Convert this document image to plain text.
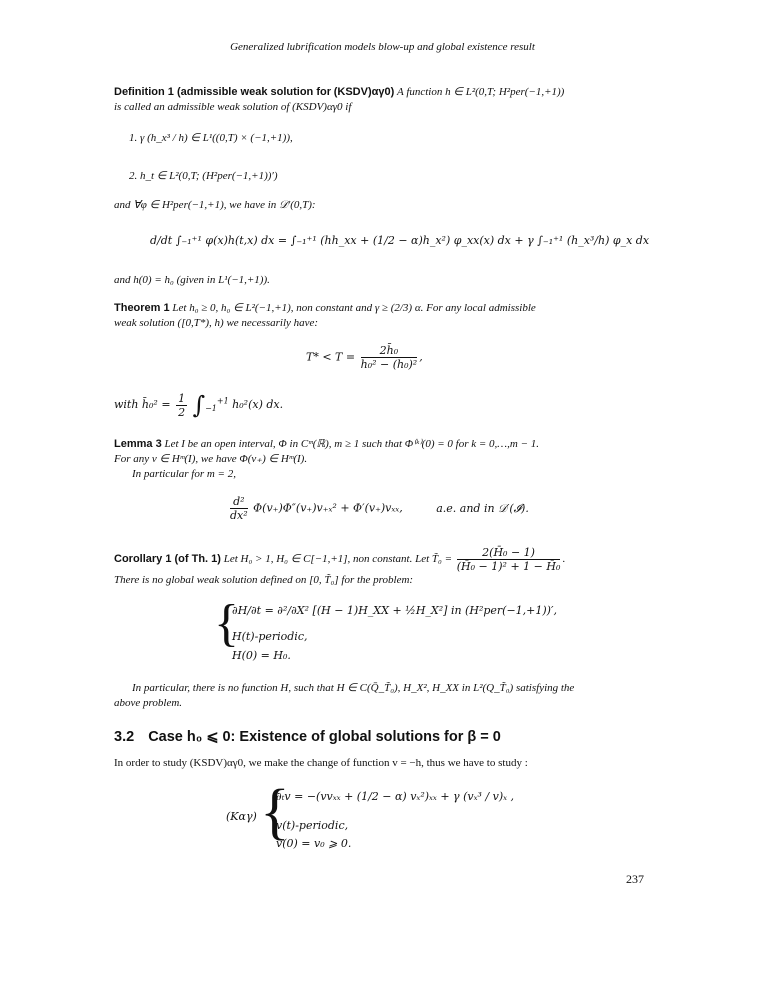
Generalized lubrification models blow-up and global existence result
Definition 1 (admissible weak solution for (KSDV)αγ0) A function h ∈ L²(0,T; H²per(−1,+1))
is called an admissible weak solution of (KSDV)αγ0 if
1. γ (h_x³ / h) ∈ L¹((0,T) × (−1,+1)),
2. h_t ∈ L²(0,T; (H²per(−1,+1))′)
and ∀φ ∈ H²per(−1,+1), we have in 𝒟′(0,T):
d/dt ∫₋₁⁺¹ φ(x)h(t,x) dx = ∫₋₁⁺¹ (hh_xx + (1/2 − α)h_x²) φ_xx(x) dx + γ ∫₋₁⁺¹ (h_x³/h) φ_x dx
and h(0) = h₀ (given in L¹(−1,+1)).
Theorem 1 Let h₀ ≥ 0, h₀ ∈ L²(−1,+1), non constant and γ ≥ (2/3) α. For any local admissible
weak solution ([0,T*), h) we necessarily have:
$T* < T = \frac{\text{2h̄₀}}{\text{h̄₀² − (h̄₀)²}}$ ,
with h̄₀² = $\frac{1}{2} \int_{-1}^{+1}$ h₀²(x) dx.
Lemma 3 Let I be an open interval, Φ in Cᵐ(ℝ), m ≥ 1 such that Φ⁽ᵏ⁾(0) = 0 for k = 0,…,m − 1.
For any v ∈ Hᵐ(I), we have Φ(v₊) ∈ Hᵐ(I).
In particular for m = 2,
$\frac{\text{d²}}{\text{dx²}} \Phi(v_+)\Phi''(v_+)v_{+x}^2 + \Phi'(v_+)v_{xx}$,	a.e. and in 𝒟′(𝓘).
Corollary 1 (of Th. 1) Let H₀ > 1, H₀ ∈ C[−1,+1], non constant. Let T̃₀ = $\frac{\text{2(H̄₀ − 1)}}{\text{(H̄₀ − 1)² + 1 − H̄₀}}$ .
There is no global weak solution defined on [0, T̃₀] for the problem:
{
∂H/∂t = ∂²/∂X² [(H − 1)H_XX + ½H_X²] in (H²per(−1,+1))′,
H(t)-periodic,
H(0) = H₀.
In particular, there is no function H, such that H ∈ C(Q̄_T̃₀), H_X², H_XX in L²(Q_T̃₀) satisfying the
above problem.
3.2 Case h₀ ⩽ 0: Existence of global solutions for β = 0
In order to study (KSDV)αγ0, we make the change of function v = −h, thus we have to study :
(Kαγ) {
∂ₜv = −(vvₓₓ + (1/2 − α) vₓ²)ₓₓ + γ (vₓ³ / v)ₓ ,
v(t)-periodic,
v(0) = v₀ ⩾ 0.
237
